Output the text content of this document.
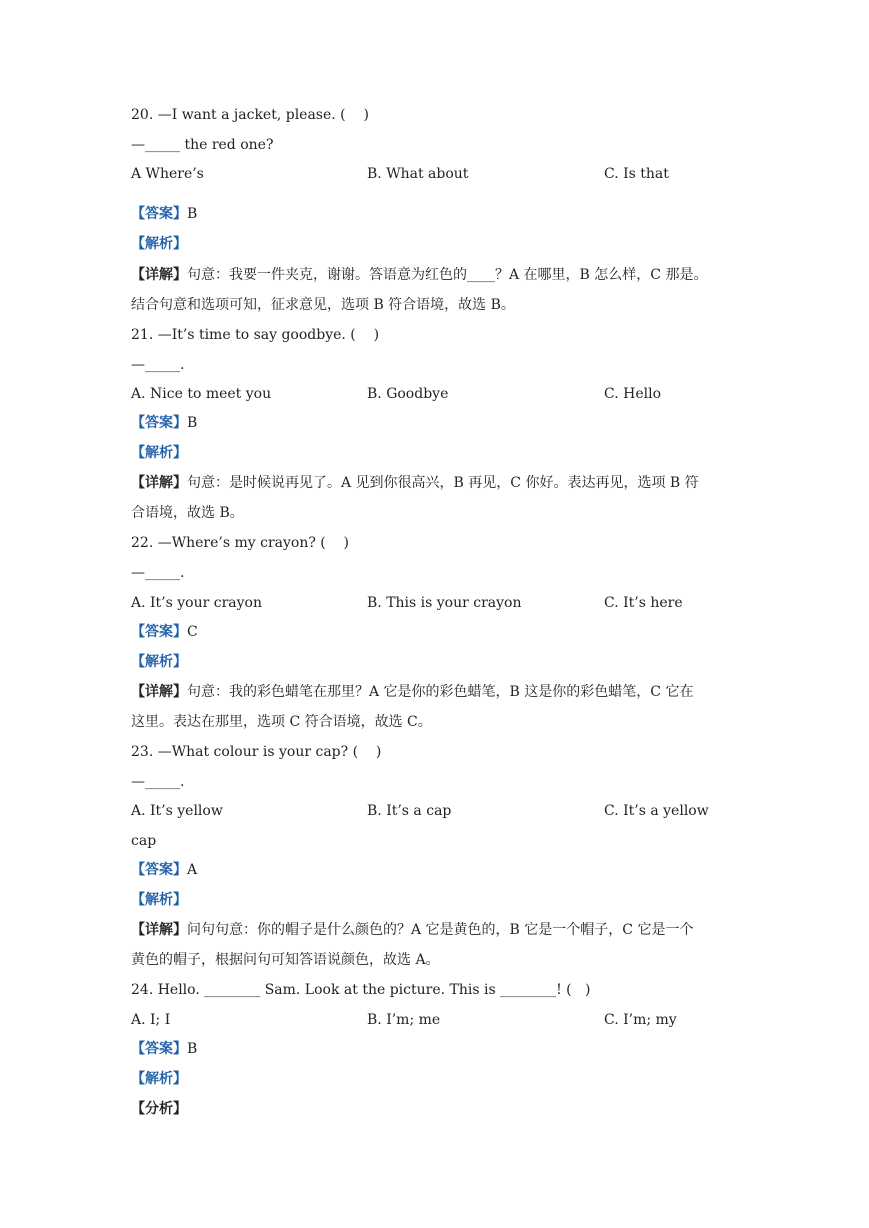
20. —I want a jacket, please. (    )
—_____ the red one?
A Where’s	B. What about	C. Is that
【答案】B
【解析】
【详解】句意：我要一件夹克，谢谢。答语意为红色的____？A 在哪里，B 怎么样，C 那是。
结合句意和选项可知，征求意见，选项 B 符合语境，故选 B。
21. —It’s time to say goodbye. (    )
—_____.
A. Nice to meet you	B. Goodbye	C. Hello
【答案】B
【解析】
【详解】句意：是时候说再见了。A 见到你很高兴，B 再见，C 你好。表达再见，选项 B 符
合语境，故选 B。
22. —Where’s my crayon? (    )
—_____.
A. It’s your crayon	B. This is your crayon	C. It’s here
【答案】C
【解析】
【详解】句意：我的彩色蜡笔在那里？A 它是你的彩色蜡笔，B 这是你的彩色蜡笔，C 它在
这里。表达在那里，选项 C 符合语境，故选 C。
23. —What colour is your cap? (    )
—_____.
A. It’s yellow	B. It’s a cap	C. It’s a yellow
cap
【答案】A
【解析】
【详解】问句句意：你的帽子是什么颜色的？A 它是黄色的，B 它是一个帽子，C 它是一个
黄色的帽子，根据问句可知答语说颜色，故选 A。
24. Hello. ________ Sam. Look at the picture. This is ________! (   )
A. I; I	B. I’m; me	C. I’m; my
【答案】B
【解析】
【分析】
